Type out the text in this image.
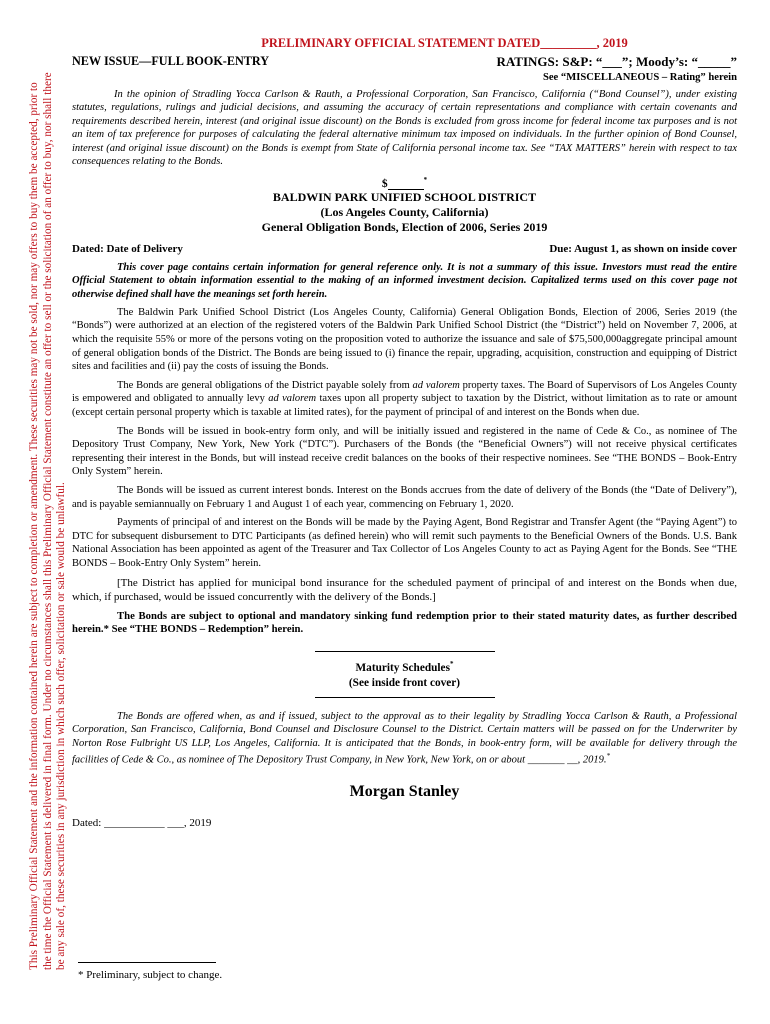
This Preliminary Official Statement and the information contained herein are subject to completion or amendment. These securities may not be sold, nor may offers to buy them be accepted, prior to the time the Official Statement is delivered in final form. Under no circumstances shall this Preliminary Official Statement constitute an offer to sell or the solicitation of an offer to buy, nor shall there be any sale of, these securities in any jurisdiction in which such offer, solicitation or sale would be unlawful.
PRELIMINARY OFFICIAL STATEMENT DATED_________, 2019
NEW ISSUE—FULL BOOK-ENTRY	RATINGS: S&P: “___”; Moody’s: “_____”
See “MISCELLANEOUS – Rating” herein
In the opinion of Stradling Yocca Carlson & Rauth, a Professional Corporation, San Francisco, California (“Bond Counsel”), under existing statutes, regulations, rulings and judicial decisions, and assuming the accuracy of certain representations and compliance with certain covenants and requirements described herein, interest (and original issue discount) on the Bonds is excluded from gross income for federal income tax purposes and is not an item of tax preference for purposes of calculating the federal alternative minimum tax imposed on individuals. In the further opinion of Bond Counsel, interest (and original issue discount) on the Bonds is exempt from State of California personal income tax. See “TAX MATTERS” herein with respect to tax consequences relating to the Bonds.
$	*
BALDWIN PARK UNIFIED SCHOOL DISTRICT
(Los Angeles County, California)
General Obligation Bonds, Election of 2006, Series 2019
Dated: Date of Delivery	Due: August 1, as shown on inside cover
This cover page contains certain information for general reference only. It is not a summary of this issue. Investors must read the entire Official Statement to obtain information essential to the making of an informed investment decision. Capitalized terms used on this cover page not otherwise defined shall have the meanings set forth herein.
The Baldwin Park Unified School District (Los Angeles County, California) General Obligation Bonds, Election of 2006, Series 2019 (the “Bonds”) were authorized at an election of the registered voters of the Baldwin Park Unified School District (the “District”) held on November 7, 2006, at which the requisite 55% or more of the persons voting on the proposition voted to authorize the issuance and sale of $75,500,000aggregate principal amount of general obligation bonds of the District. The Bonds are being issued to (i) finance the repair, upgrading, acquisition, construction and equipping of District sites and facilities and (ii) pay the costs of issuing the Bonds.
The Bonds are general obligations of the District payable solely from ad valorem property taxes. The Board of Supervisors of Los Angeles County is empowered and obligated to annually levy ad valorem taxes upon all property subject to taxation by the District, without limitation as to rate or amount (except certain personal property which is taxable at limited rates), for the payment of principal of and interest on the Bonds when due.
The Bonds will be issued in book-entry form only, and will be initially issued and registered in the name of Cede & Co., as nominee of The Depository Trust Company, New York, New York (“DTC”). Purchasers of the Bonds (the “Beneficial Owners”) will not receive physical certificates representing their interest in the Bonds, but will instead receive credit balances on the books of their respective nominees. See “THE BONDS – Book-Entry Only System” herein.
The Bonds will be issued as current interest bonds. Interest on the Bonds accrues from the date of delivery of the Bonds (the “Date of Delivery”), and is payable semiannually on February 1 and August 1 of each year, commencing on February 1, 2020.
Payments of principal of and interest on the Bonds will be made by the Paying Agent, Bond Registrar and Transfer Agent (the “Paying Agent”) to DTC for subsequent disbursement to DTC Participants (as defined herein) who will remit such payments to the Beneficial Owners of the Bonds. U.S. Bank National Association has been appointed as agent of the Treasurer and Tax Collector of Los Angeles County to act as Paying Agent for the Bonds. See “THE BONDS – Book-Entry Only System” herein.
[The District has applied for municipal bond insurance for the scheduled payment of principal of and interest on the Bonds when due, which, if purchased, would be issued concurrently with the delivery of the Bonds.]
The Bonds are subject to optional and mandatory sinking fund redemption prior to their stated maturity dates, as further described herein.* See “THE BONDS – Redemption” herein.
Maturity Schedules*
(See inside front cover)
The Bonds are offered when, as and if issued, subject to the approval as to their legality by Stradling Yocca Carlson & Rauth, a Professional Corporation, San Francisco, California, Bond Counsel and Disclosure Counsel to the District. Certain matters will be passed on for the Underwriter by Norton Rose Fulbright US LLP, Los Angeles, California. It is anticipated that the Bonds, in book-entry form, will be available for delivery through the facilities of Cede & Co., as nominee of The Depository Trust Company, in New York, New York, on or about _______ __, 2019.*
Morgan Stanley
Dated: ___________ ___, 2019
* Preliminary, subject to change.
